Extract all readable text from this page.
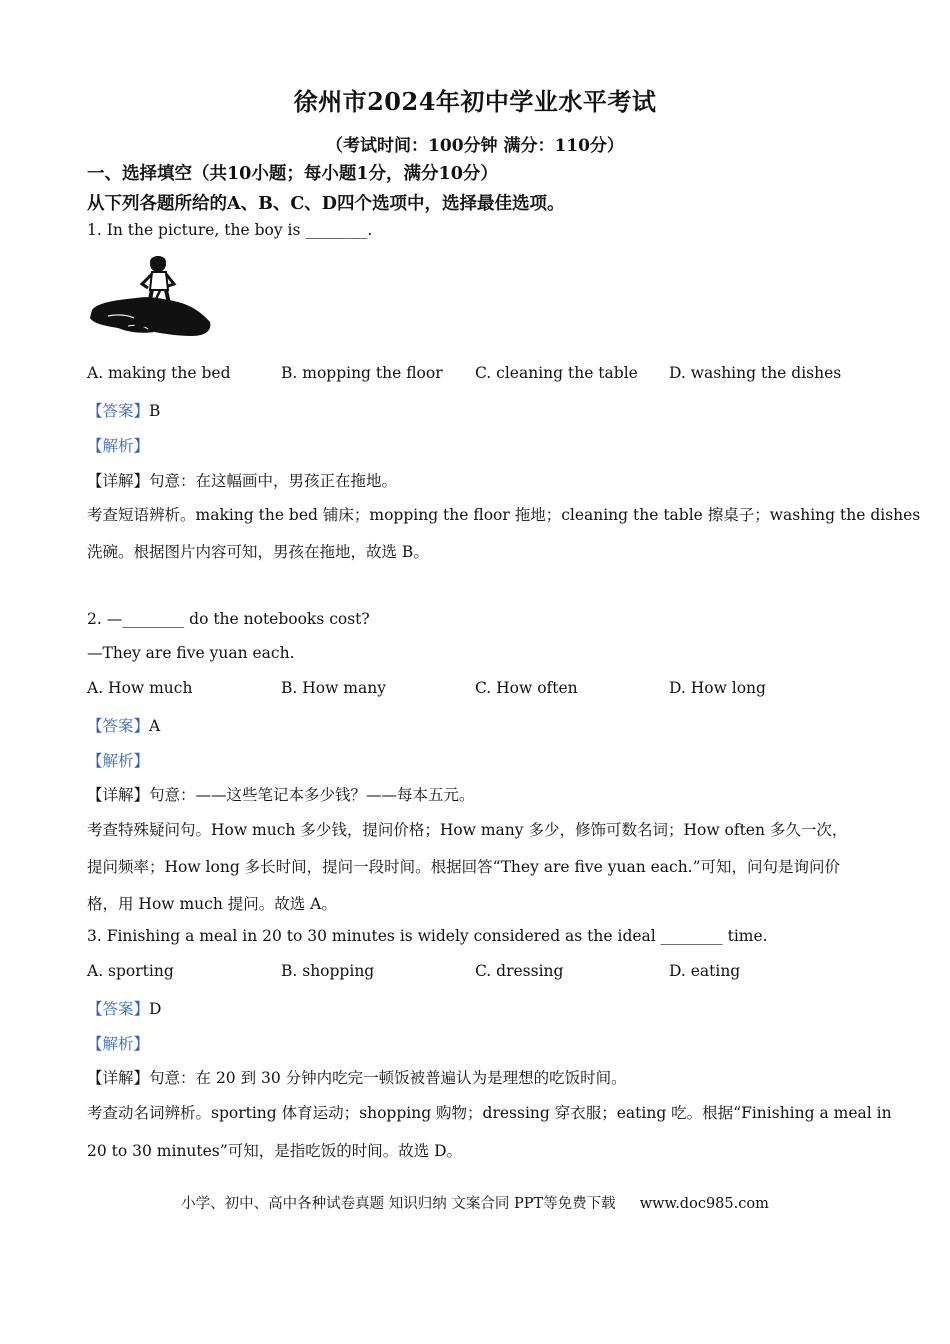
徐州市2024年初中学业水平考试
（考试时间：100分钟 满分：110分）
一、选择填空（共10小题；每小题1分，满分10分）
从下列各题所给的A、B、C、D四个选项中，选择最佳选项。
1. In the picture, the boy is ________.
A. making the bed	B. mopping the floor C. cleaning the table D. washing the dishes
【答案】B
【解析】
【详解】句意：在这幅画中，男孩正在拖地。
考查短语辨析。making the bed 铺床；mopping the floor 拖地；cleaning the table 擦桌子；washing the dishes
洗碗。根据图片内容可知，男孩在拖地，故选 B。
2. —________ do the notebooks cost?
—They are five yuan each.
A. How much	B. How many	C. How often	D. How long
【答案】A
【解析】
【详解】句意：——这些笔记本多少钱？——每本五元。
考查特殊疑问句。How much 多少钱，提问价格；How many 多少，修饰可数名词；How often 多久一次，
提问频率；How long 多长时间，提问一段时间。根据回答“They are five yuan each.”可知，问句是询问价
格，用 How much 提问。故选 A。
3. Finishing a meal in 20 to 30 minutes is widely considered as the ideal ________ time.
A. sporting	B. shopping	C. dressing	D. eating
【答案】D
【解析】
【详解】句意：在 20 到 30 分钟内吃完一顿饭被普遍认为是理想的吃饭时间。
考查动名词辨析。sporting 体育运动；shopping 购物；dressing 穿衣服；eating 吃。根据“Finishing a meal in
20 to 30 minutes”可知，是指吃饭的时间。故选 D。
小学、初中、高中各种试卷真题 知识归纳 文案合同 PPT等免费下载 www.doc985.com
